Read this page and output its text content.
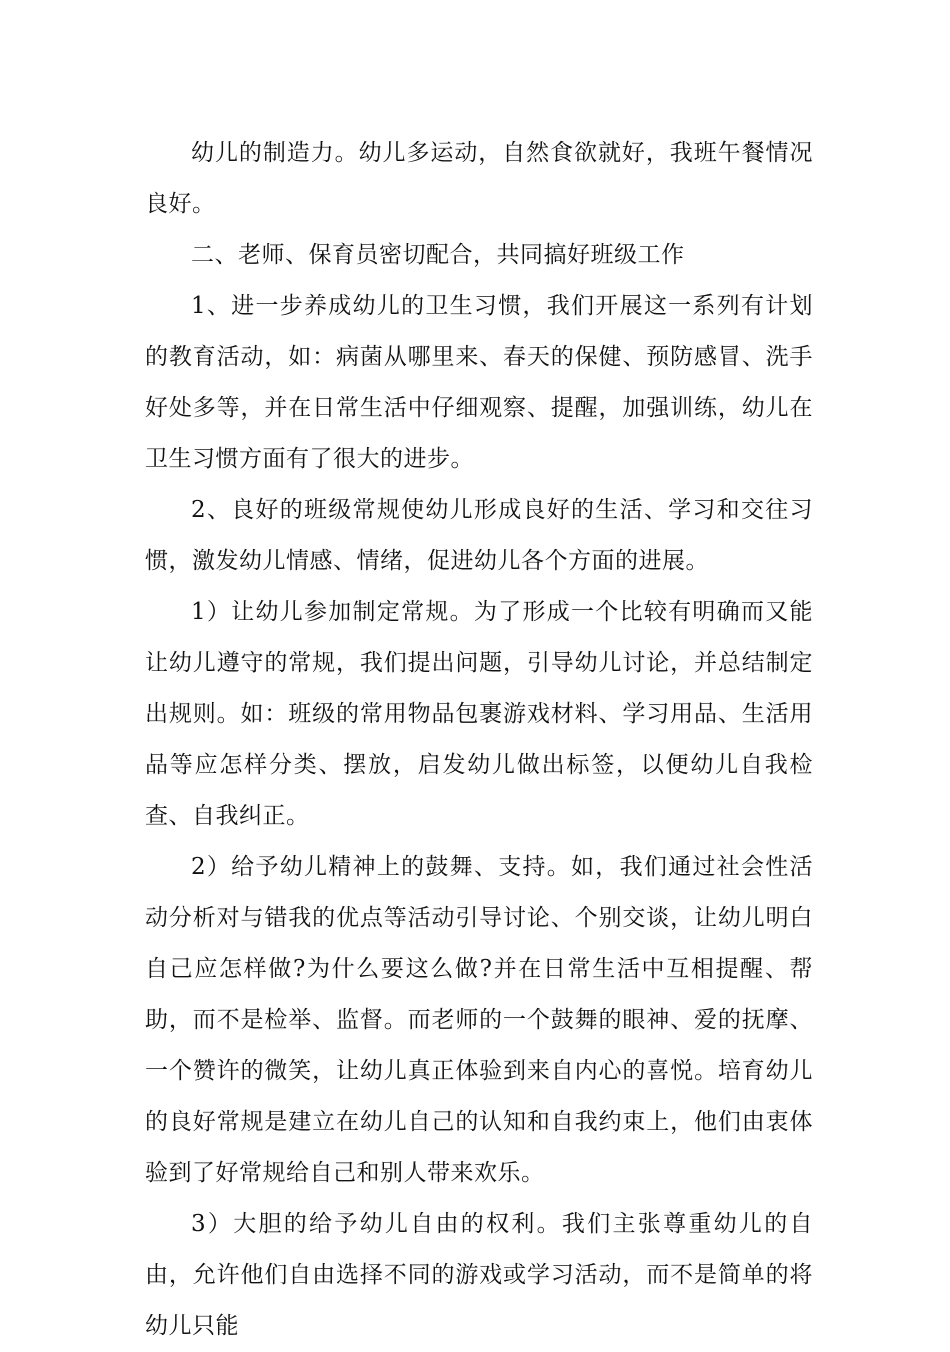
幼儿的制造力。幼儿多运动，自然食欲就好，我班午餐情况良好。

二、老师、保育员密切配合，共同搞好班级工作

1、进一步养成幼儿的卫生习惯，我们开展这一系列有计划的教育活动，如：病菌从哪里来、春天的保健、预防感冒、洗手好处多等，并在日常生活中仔细观察、提醒，加强训练，幼儿在卫生习惯方面有了很大的进步。

2、良好的班级常规使幼儿形成良好的生活、学习和交往习惯，激发幼儿情感、情绪，促进幼儿各个方面的进展。

1）让幼儿参加制定常规。为了形成一个比较有明确而又能让幼儿遵守的常规，我们提出问题，引导幼儿讨论，并总结制定出规则。如：班级的常用物品包裹游戏材料、学习用品、生活用品等应怎样分类、摆放，启发幼儿做出标签，以便幼儿自我检查、自我纠正。

2）给予幼儿精神上的鼓舞、支持。如，我们通过社会性活动分析对与错我的优点等活动引导讨论、个别交谈，让幼儿明白自己应怎样做?为什么要这么做?并在日常生活中互相提醒、帮助，而不是检举、监督。而老师的一个鼓舞的眼神、爱的抚摩、一个赞许的微笑，让幼儿真正体验到来自内心的喜悦。培育幼儿的良好常规是建立在幼儿自己的认知和自我约束上，他们由衷体验到了好常规给自己和别人带来欢乐。

3）大胆的给予幼儿自由的权利。我们主张尊重幼儿的自由，允许他们自由选择不同的游戏或学习活动，而不是简单的将幼儿只能
